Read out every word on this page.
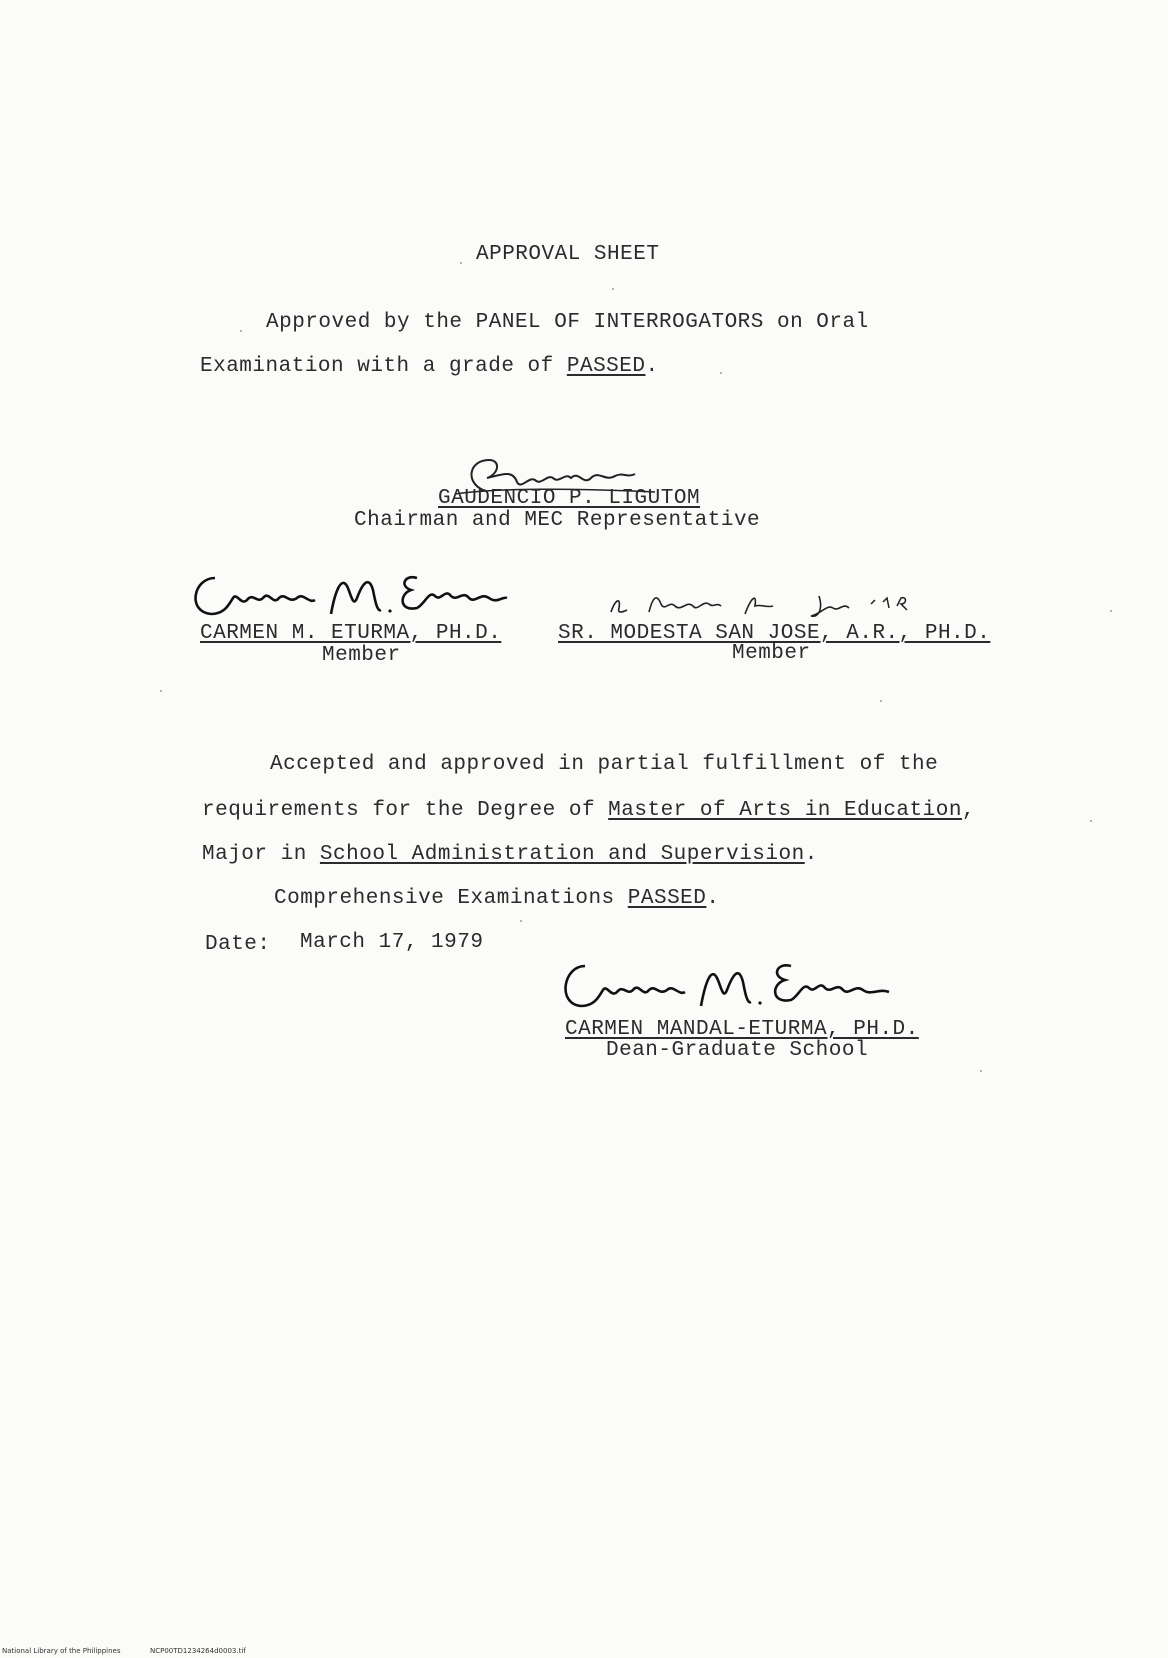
APPROVAL SHEET
Approved by the PANEL OF INTERROGATORS on Oral
Examination with a grade of PASSED.
GAUDENCIO P. LIGUTOM
Chairman and MEC Representative
CARMEN M. ETURMA, PH.D.
Member
SR. MODESTA SAN JOSE, A.R., PH.D.
Member
Accepted and approved in partial fulfillment of the
requirements for the Degree of Master of Arts in Education,
Major in School Administration and Supervision.
Comprehensive Examinations PASSED.
Date: March 17, 1979
CARMEN MANDAL-ETURMA, PH.D.
Dean-Graduate School
National Library of the Philippines	NCP00TD1234264d0003.tif
